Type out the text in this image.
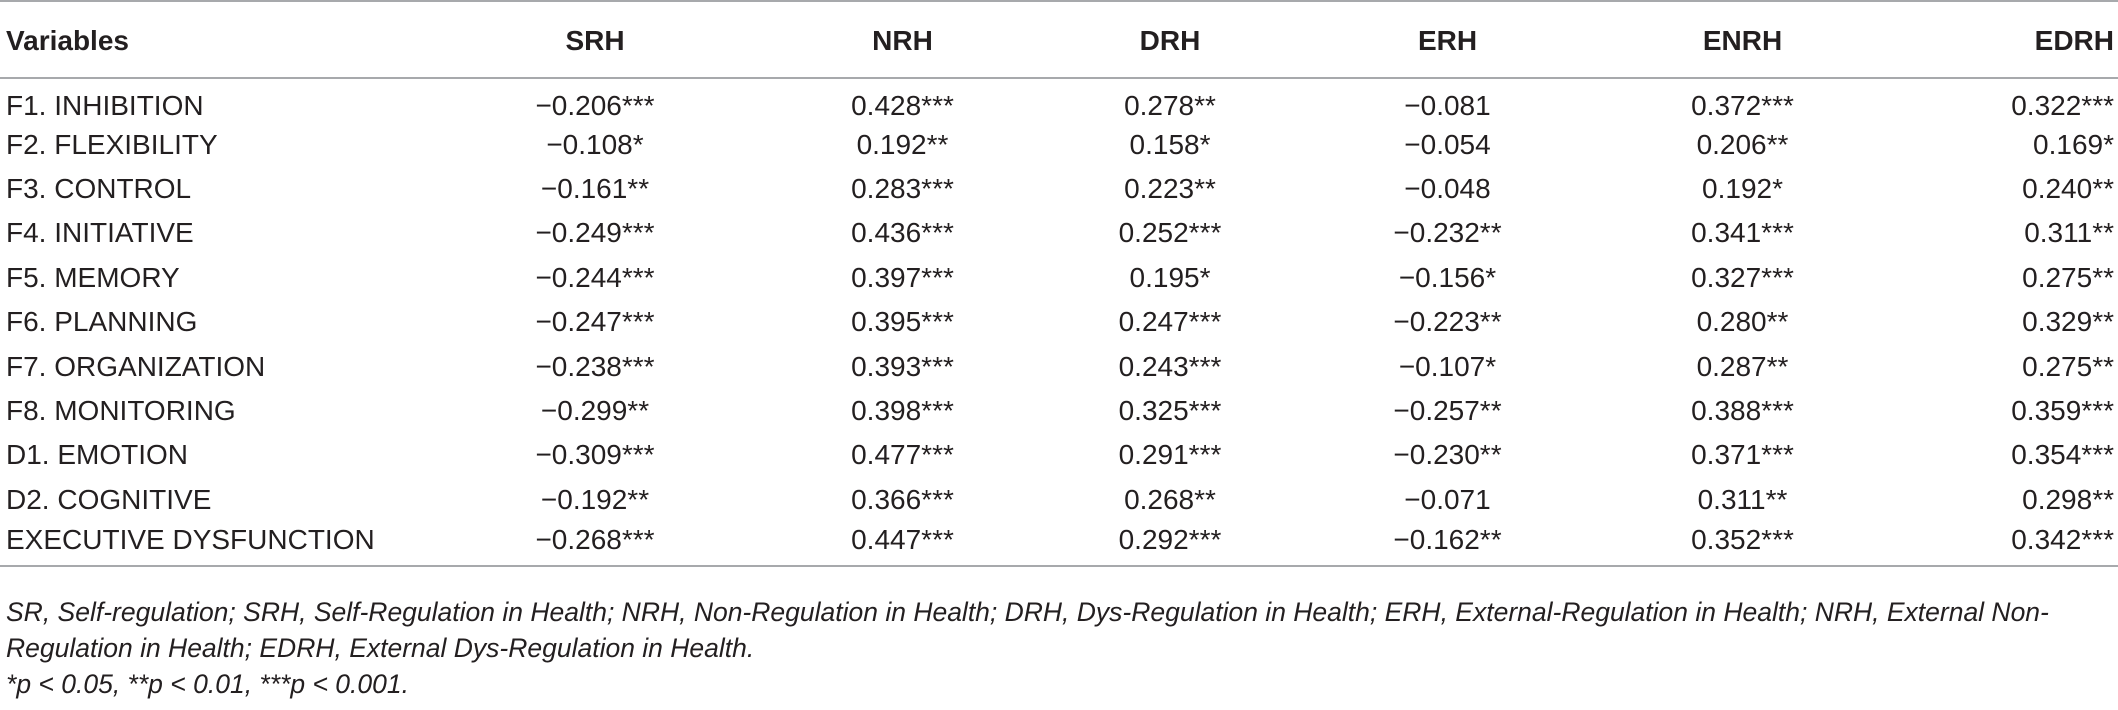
Variables	SRH	NRH	DRH	ERH	ENRH	EDRH
F1. INHIBITION	−0.206***	0.428***	0.278**	−0.081	0.372***	0.322***
F2. FLEXIBILITY	−0.108*	0.192**	0.158*	−0.054	0.206**	0.169*
F3. CONTROL	−0.161**	0.283***	0.223**	−0.048	0.192*	0.240**
F4. INITIATIVE	−0.249***	0.436***	0.252***	−0.232**	0.341***	0.311**
F5. MEMORY	−0.244***	0.397***	0.195*	−0.156*	0.327***	0.275**
F6. PLANNING	−0.247***	0.395***	0.247***	−0.223**	0.280**	0.329**
F7. ORGANIZATION	−0.238***	0.393***	0.243***	−0.107*	0.287**	0.275**
F8. MONITORING	−0.299**	0.398***	0.325***	−0.257**	0.388***	0.359***
D1. EMOTION	−0.309***	0.477***	0.291***	−0.230**	0.371***	0.354***
D2. COGNITIVE	−0.192**	0.366***	0.268**	−0.071	0.311**	0.298**
EXECUTIVE DYSFUNCTION	−0.268***	0.447***	0.292***	−0.162**	0.352***	0.342***

SR, Self-regulation; SRH, Self-Regulation in Health; NRH, Non-Regulation in Health; DRH, Dys-Regulation in Health; ERH, External-Regulation in Health; NRH, External Non-Regulation in Health; EDRH, External Dys-Regulation in Health.

*p < 0.05, **p < 0.01, ***p < 0.001.
